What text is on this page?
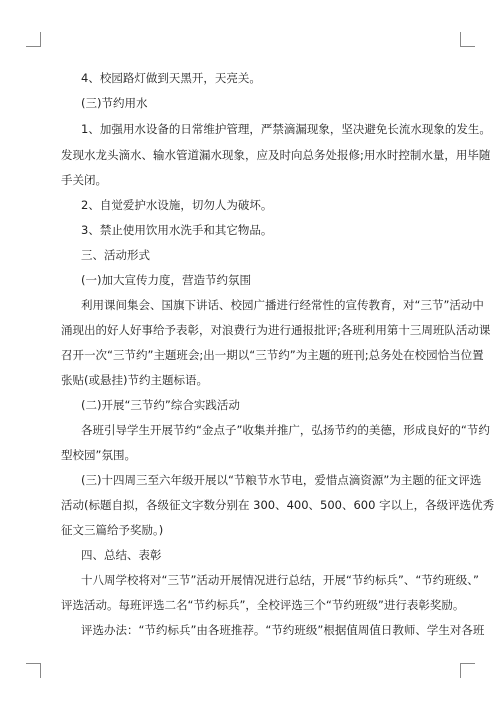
4、校园路灯做到天黑开，天亮关。
(三)节约用水
1、加强用水设备的日常维护管理，严禁滴漏现象，坚决避免长流水现象的发生。
发现水龙头滴水、输水管道漏水现象，应及时向总务处报修;用水时控制水量，用毕随
手关闭。
2、自觉爱护水设施，切勿人为破坏。
3、禁止使用饮用水洗手和其它物品。
三、活动形式
(一)加大宣传力度，营造节约氛围
利用课间集会、国旗下讲话、校园广播进行经常性的宣传教育，对“三节”活动中
涌现出的好人好事给予表彰，对浪费行为进行通报批评;各班利用第十三周班队活动课
召开一次“三节约”主题班会;出一期以“三节约”为主题的班刊;总务处在校园恰当位置
张贴(或悬挂)节约主题标语。
(二)开展“三节约”综合实践活动
各班引导学生开展节约“金点子”收集并推广，弘扬节约的美德，形成良好的“节约
型校园”氛围。
(三)十四周三至六年级开展以“节粮节水节电，爱惜点滴资源”为主题的征文评选
活动(标题自拟，各级征文字数分别在 300、400、500、600 字以上，各级评选优秀
征文三篇给予奖励。)
四、总结、表彰
十八周学校将对“三节”活动开展情况进行总结，开展“节约标兵”、“节约班级、”
评选活动。每班评选二名“节约标兵”，全校评选三个“节约班级”进行表彰奖励。
评选办法：“节约标兵”由各班推荐。“节约班级”根据值周值日教师、学生对各班
